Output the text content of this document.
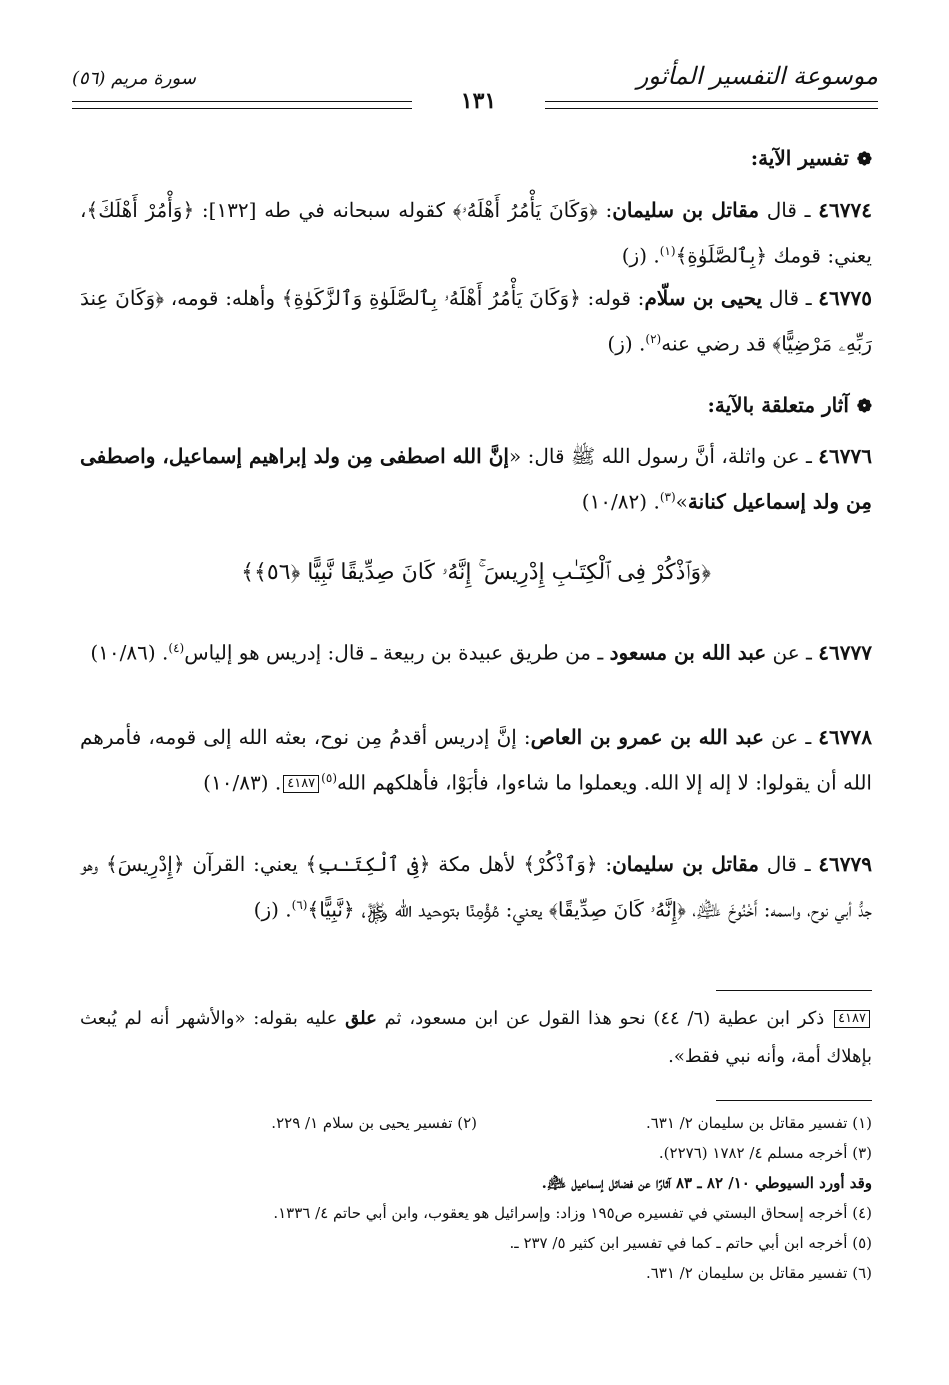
موسوعة التفسير المأثور
سورة مريم (٥٦)
١٣١
❁تفسير الآية:
٤٦٧٧٤ ـ قال مقاتل بن سليمان: ﴿وَكَانَ يَأْمُرُ أَهْلَهُۥ﴾ كقوله سبحانه في طه [١٣٢]: ﴿وَأْمُرْ أَهْلَكَ﴾، يعني: قومك ﴿بِٱلصَّلَوٰةِ﴾$^{(١)}$. (ز)
٤٦٧٧٥ ـ قال يحيى بن سلّام: قوله: ﴿وَكَانَ يَأْمُرُ أَهْلَهُۥ بِٱلصَّلَوٰةِ وَٱلزَّكَوٰةِ﴾ وأهله: قومه، ﴿وَكَانَ عِندَ رَبِّهِۦ مَرْضِيًّا﴾ قد رضي عنه$^{(٢)}$. (ز)
❁آثار متعلقة بالآية:
٤٦٧٧٦ ـ عن واثلة، أنَّ رسول الله ﷺ قال: «إنَّ الله اصطفى مِن ولد إبراهيم إسماعيل، واصطفى مِن ولد إسماعيل كنانة»$^{(٣)}$. (١٠/٨٢)
﴿وَٱذْكُرْ فِى ٱلْكِتَـٰبِ إِدْرِيسَ ۚ إِنَّهُۥ كَانَ صِدِّيقًا نَّبِيًّا ﴿٥٦﴾﴾
٤٦٧٧٧ ـ عن عبد الله بن مسعود ـ من طريق عبيدة بن ربيعة ـ قال: إدريس هو إلياس$^{(٤)}$. (١٠/٨٦)
٤٦٧٧٨ ـ عن عبد الله بن عمرو بن العاص: إنَّ إدريس أقدمُ مِن نوح، بعثه الله إلى قومه، فأمرهم الله أن يقولوا: لا إله إلا الله. ويعملوا ما شاءوا، فأبَوْا، فأهلكهم الله$^{(٥)}$٤١٨٧. (١٠/٨٣)
٤٦٧٧٩ ـ قال مقاتل بن سليمان: ﴿وَٱذْكُرْ﴾ لأهل مكة ﴿فِى ٱلْكِتَـٰبِ﴾ يعني: القرآن ﴿إِدْرِيسَ﴾ وهو جدُّ أبي نوح، واسمه: أَخْنُوخَ ﵇، ﴿إِنَّهُۥ كَانَ صِدِّيقًا﴾ يعني: مُؤْمِنًا بتوحيد الله ﷿، ﴿نَّبِيًّا﴾$^{(٦)}$. (ز)
٤١٨٧ ذكر ابن عطية (٦/ ٤٤) نحو هذا القول عن ابن مسعود، ثم علق عليه بقوله: «والأشهر أنه لم يُبعث بإهلاك أمة، وأنه نبي فقط».
(١) تفسير مقاتل بن سليمان ٢/ ٦٣١.
(٢) تفسير يحيى بن سلام ١/ ٢٢٩.
(٣) أخرجه مسلم ٤/ ١٧٨٢ (٢٢٧٦).
وقد أورد السيوطي ١٠/ ٨٢ ـ ٨٣ آثارًا عن فضائل إسماعيل ﵇.
(٤) أخرجه إسحاق البستي في تفسيره ص١٩٥ وزاد: وإسرائيل هو يعقوب، وابن أبي حاتم ٤/ ١٣٣٦.
(٥) أخرجه ابن أبي حاتم ـ كما في تفسير ابن كثير ٥/ ٢٣٧ ـ.
(٦) تفسير مقاتل بن سليمان ٢/ ٦٣١.
